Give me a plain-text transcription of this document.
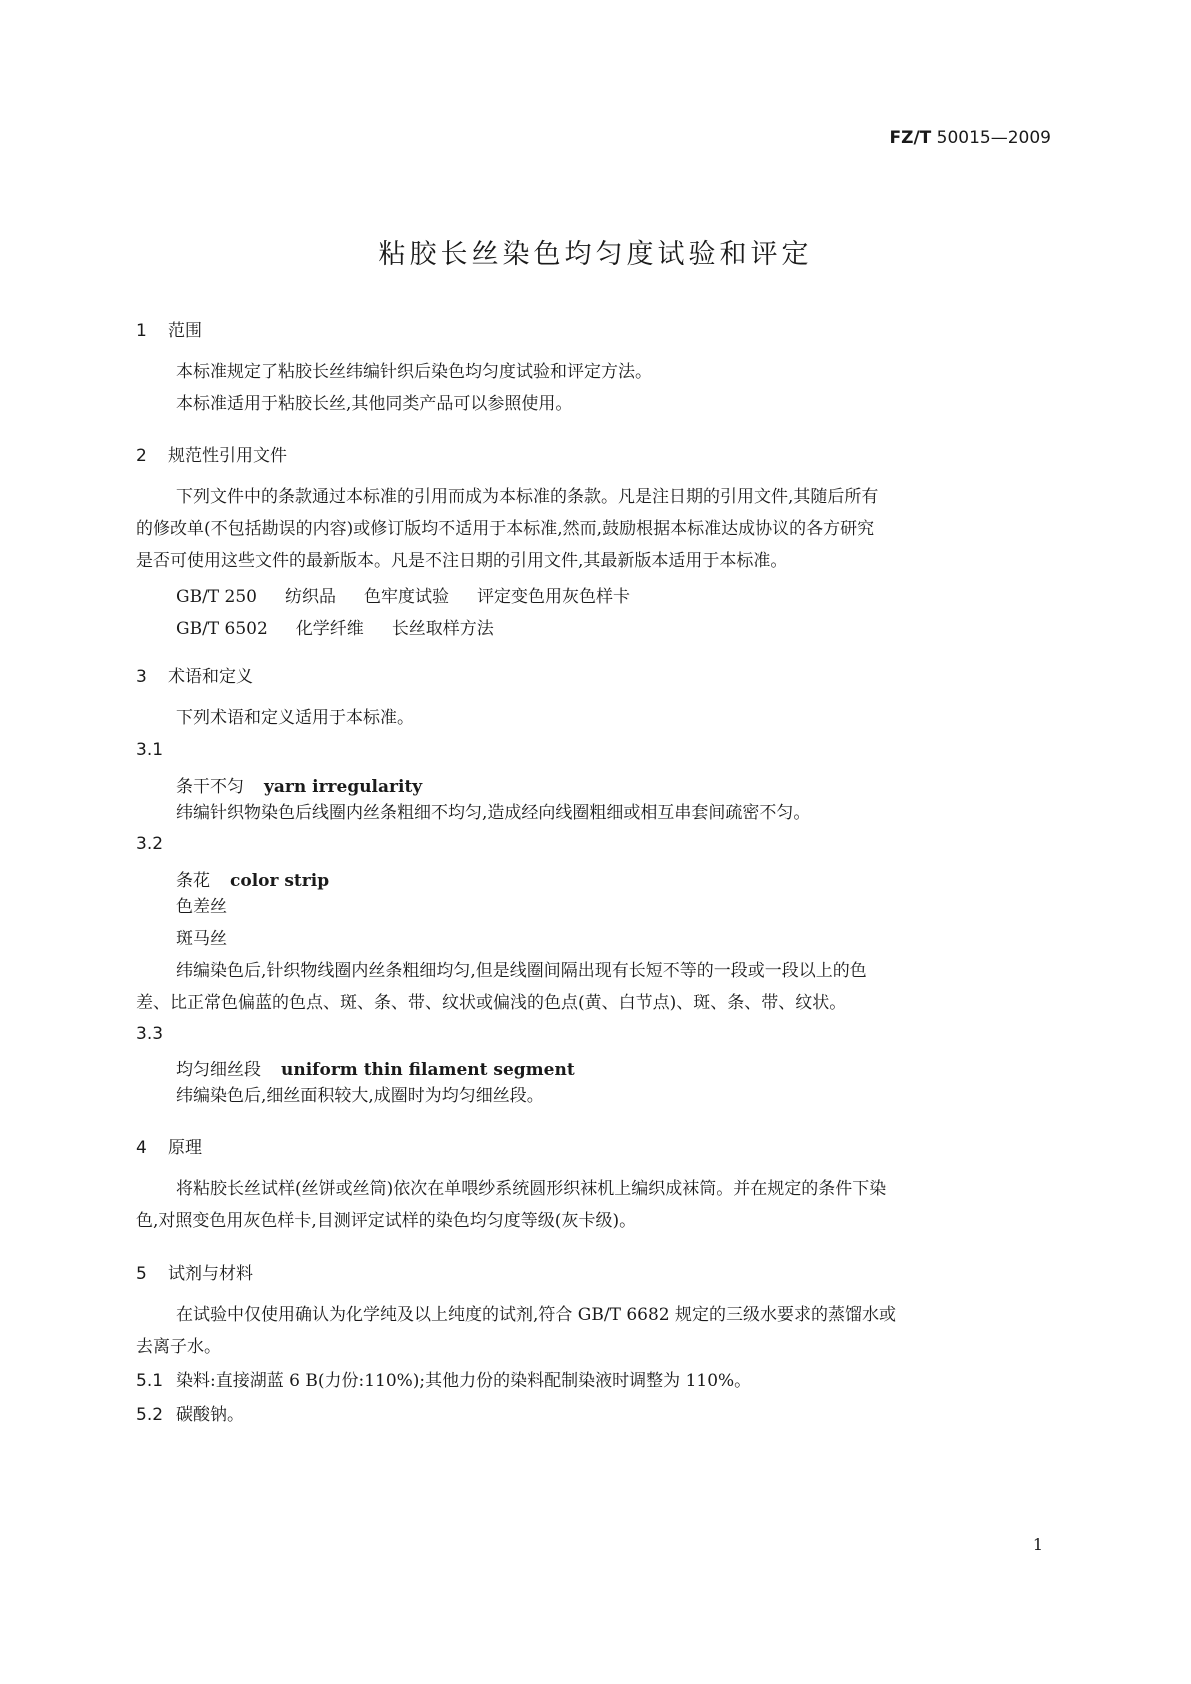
FZ/T 50015—2009
粘胶长丝染色均匀度试验和评定
1 范围
本标准规定了粘胶长丝纬编针织后染色均匀度试验和评定方法。
本标准适用于粘胶长丝,其他同类产品可以参照使用。
2 规范性引用文件
下列文件中的条款通过本标准的引用而成为本标准的条款。凡是注日期的引用文件,其随后所有
的修改单(不包括勘误的内容)或修订版均不适用于本标准,然而,鼓励根据本标准达成协议的各方研究
是否可使用这些文件的最新版本。凡是不注日期的引用文件,其最新版本适用于本标准。
GB/T 250 纺织品 色牢度试验 评定变色用灰色样卡
GB/T 6502 化学纤维 长丝取样方法
3 术语和定义
下列术语和定义适用于本标准。
3.1
条干不匀 yarn irregularity
纬编针织物染色后线圈内丝条粗细不均匀,造成经向线圈粗细或相互串套间疏密不匀。
3.2
条花 color strip
色差丝
斑马丝
纬编染色后,针织物线圈内丝条粗细均匀,但是线圈间隔出现有长短不等的一段或一段以上的色
差、比正常色偏蓝的色点、斑、条、带、纹状或偏浅的色点(黄、白节点)、斑、条、带、纹状。
3.3
均匀细丝段 uniform thin filament segment
纬编染色后,细丝面积较大,成圈时为均匀细丝段。
4 原理
将粘胶长丝试样(丝饼或丝筒)依次在单喂纱系统圆形织袜机上编织成袜筒。并在规定的条件下染
色,对照变色用灰色样卡,目测评定试样的染色均匀度等级(灰卡级)。
5 试剂与材料
在试验中仅使用确认为化学纯及以上纯度的试剂,符合 GB/T 6682 规定的三级水要求的蒸馏水或
去离子水。
5.1 染料:直接湖蓝 6 B(力份:110%);其他力份的染料配制染液时调整为 110%。
5.2 碳酸钠。
1
